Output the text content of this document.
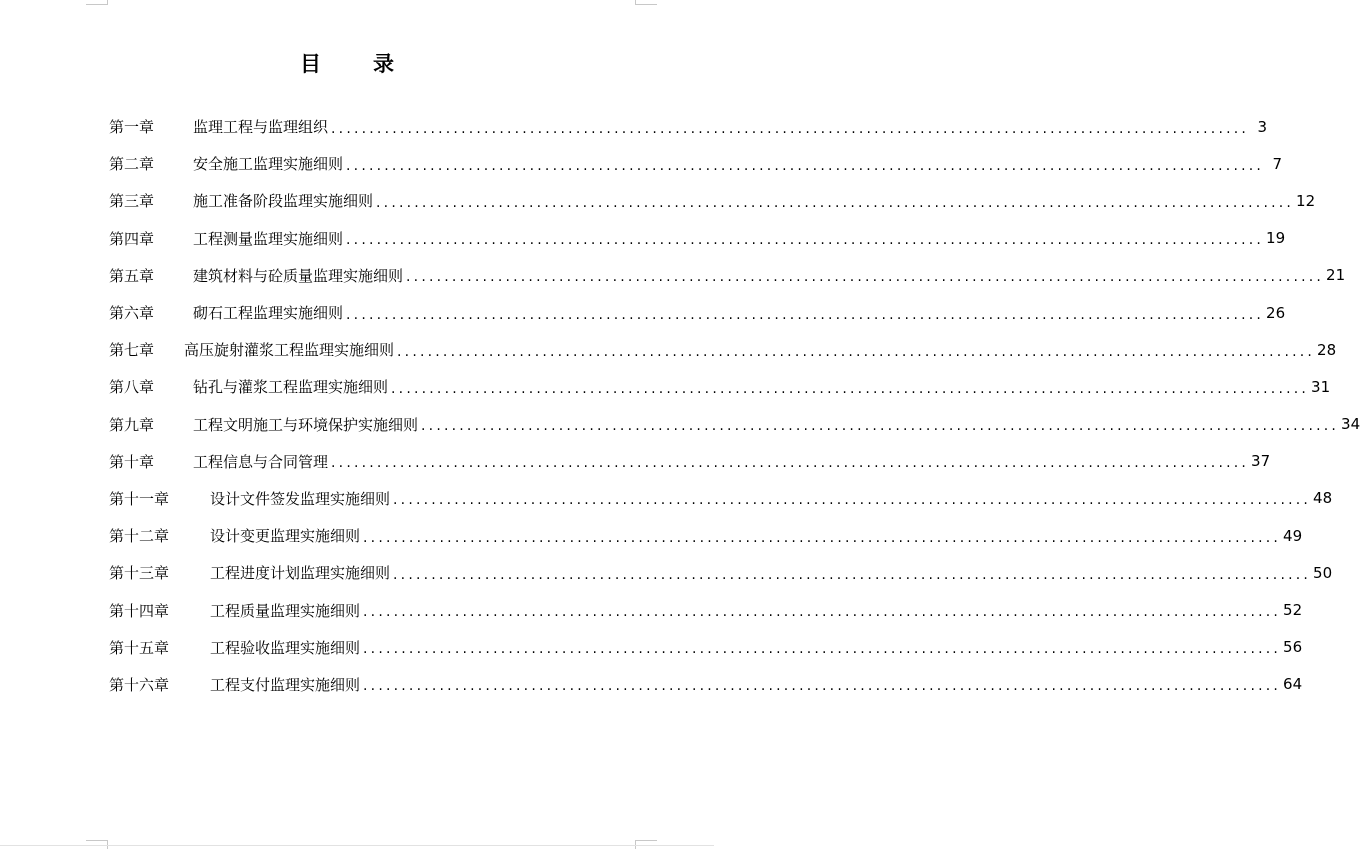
目录
第一章	监理工程与监理组织 ........................................................................................................................ 3
第二章	安全施工监理实施细则 ........................................................................................................................ 7
第三章	施工准备阶段监理实施细则 ........................................................................................................................ 12
第四章	工程测量监理实施细则 ........................................................................................................................ 19
第五章	建筑材料与砼质量监理实施细则 ........................................................................................................................ 21
第六章	砌石工程监理实施细则 ........................................................................................................................ 26
第七章	高压旋射灌浆工程监理实施细则 ........................................................................................................................ 28
第八章	钻孔与灌浆工程监理实施细则 ........................................................................................................................ 31
第九章	工程文明施工与环境保护实施细则 ........................................................................................................................ 34
第十章	工程信息与合同管理 ........................................................................................................................ 37
第十一章	设计文件签发监理实施细则 ........................................................................................................................ 48
第十二章	设计变更监理实施细则 ........................................................................................................................ 49
第十三章	工程进度计划监理实施细则 ........................................................................................................................ 50
第十四章	工程质量监理实施细则 ........................................................................................................................ 52
第十五章	工程验收监理实施细则 ........................................................................................................................ 56
第十六章	工程支付监理实施细则 ........................................................................................................................ 64
